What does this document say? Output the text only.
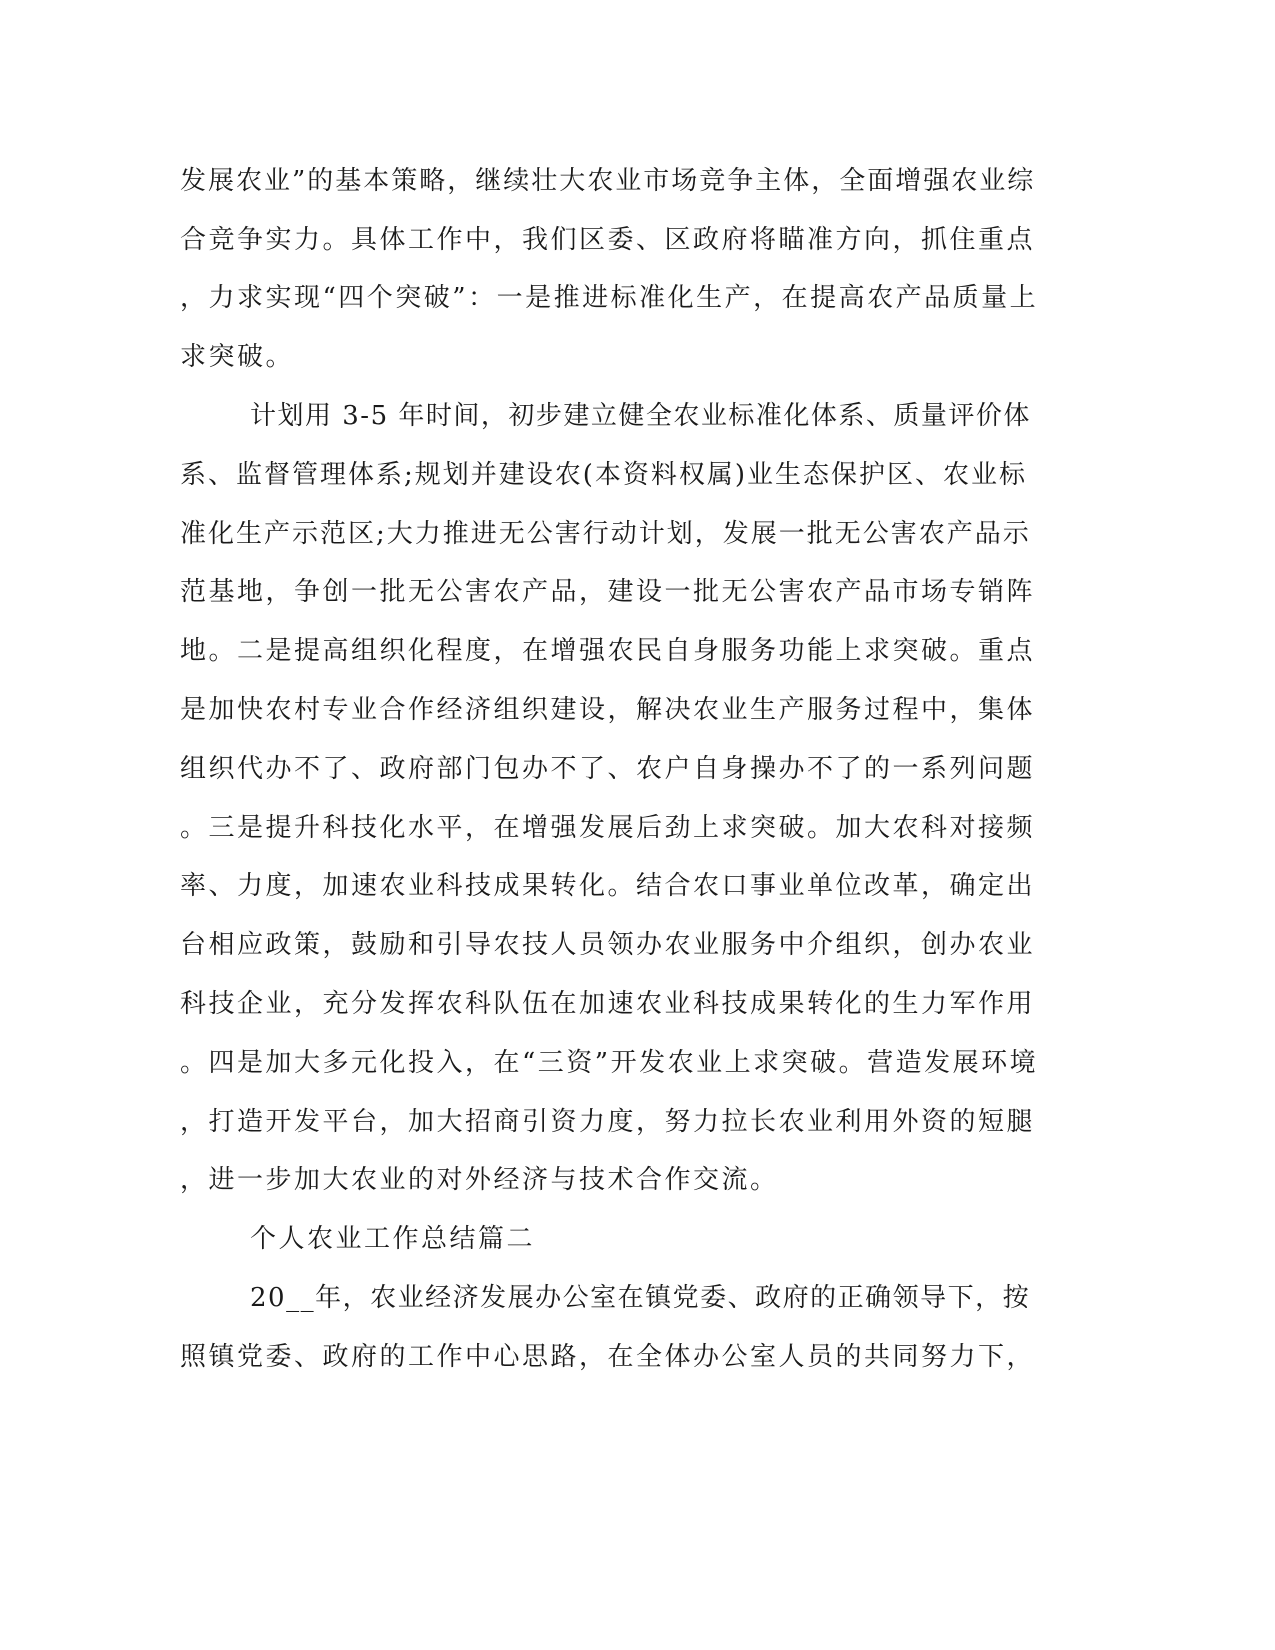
发展农业”的基本策略，继续壮大农业市场竞争主体，全面增强农业综
合竞争实力。具体工作中，我们区委、区政府将瞄准方向，抓住重点
，力求实现“四个突破”：一是推进标准化生产，在提高农产品质量上
求突破。
计划用 3-5 年时间，初步建立健全农业标准化体系、质量评价体
系、监督管理体系;规划并建设农(本资料权属)业生态保护区、农业标
准化生产示范区;大力推进无公害行动计划，发展一批无公害农产品示
范基地，争创一批无公害农产品，建设一批无公害农产品市场专销阵
地。二是提高组织化程度，在增强农民自身服务功能上求突破。重点
是加快农村专业合作经济组织建设，解决农业生产服务过程中，集体
组织代办不了、政府部门包办不了、农户自身操办不了的一系列问题
。三是提升科技化水平，在增强发展后劲上求突破。加大农科对接频
率、力度，加速农业科技成果转化。结合农口事业单位改革，确定出
台相应政策，鼓励和引导农技人员领办农业服务中介组织，创办农业
科技企业，充分发挥农科队伍在加速农业科技成果转化的生力军作用
。四是加大多元化投入，在“三资”开发农业上求突破。营造发展环境
，打造开发平台，加大招商引资力度，努力拉长农业利用外资的短腿
，进一步加大农业的对外经济与技术合作交流。
个人农业工作总结篇二
20__年，农业经济发展办公室在镇党委、政府的正确领导下，按
照镇党委、政府的工作中心思路，在全体办公室人员的共同努力下，
